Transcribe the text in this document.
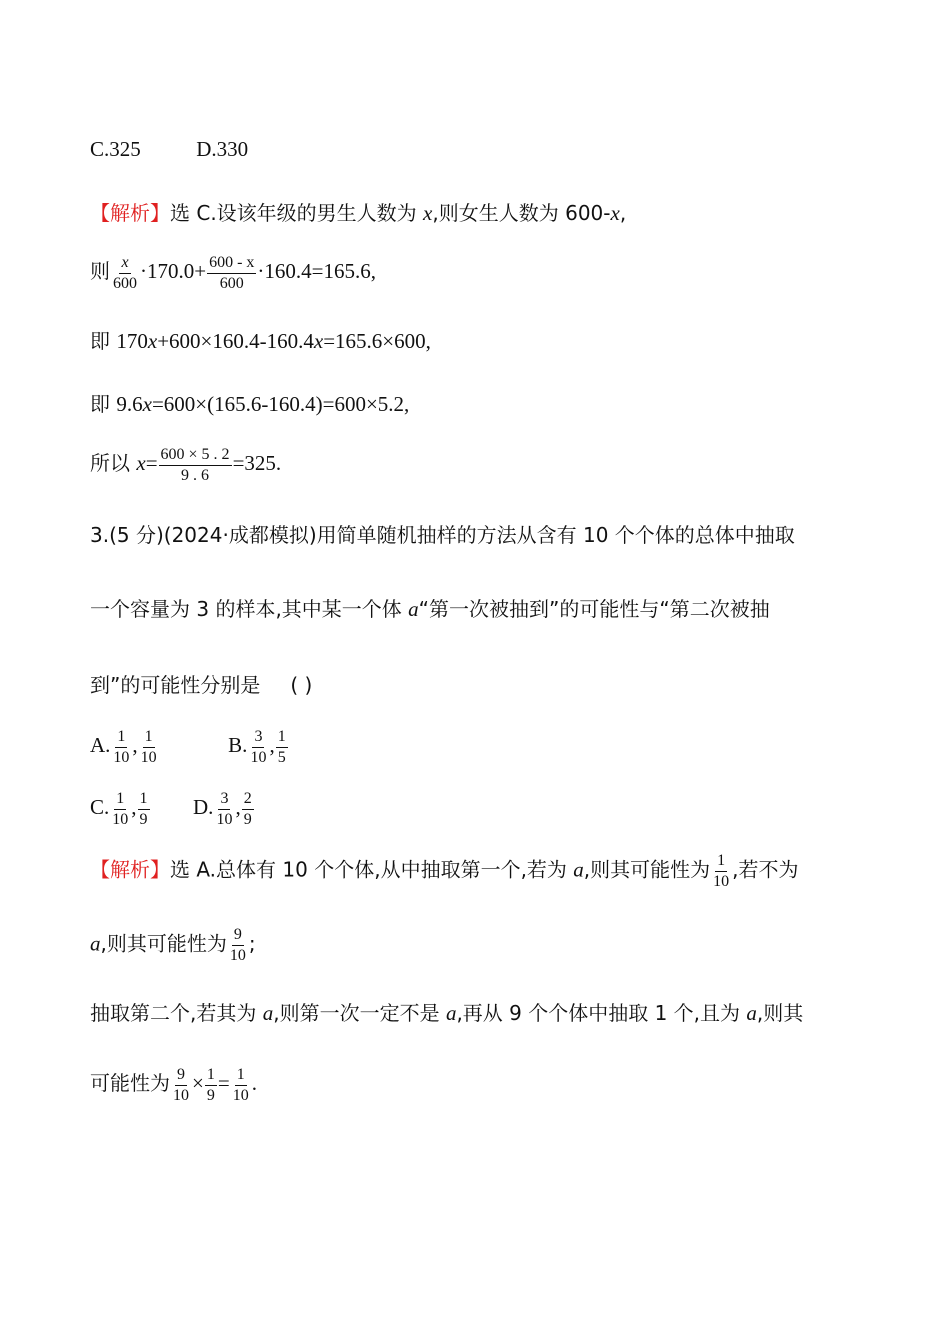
C.325	D.330
【解析】选 C.设该年级的男生人数为 x,则女生人数为 600-x,
则 $\frac{x}{600} \cdot 170.0+ \frac{600 - x}{600} \cdot 160.4=165.6$,
即 170x+600×160.4-160.4x=165.6×600,
即 9.6x=600×(165.6-160.4)=600×5.2,
所以 $x= \frac{600 \times 5 . 2}{9 . 6} =325$.
3.(5 分)(2024·成都模拟)用简单随机抽样的方法从含有 10 个个体的总体中抽取
一个容量为 3 的样本,其中某一个体 a“第一次被抽到”的可能性与“第二次被抽
到”的可能性分别是 ( )
A. $\frac{1}{10}$ , $\frac{1}{10}$	B. $\frac{3}{10}$ , $\frac{1}{5}$
C. $\frac{1}{10}$ , $\frac{1}{9} D$. $\frac{3}{10}$ , $\frac{2}{9}$
【解析】选 A.总体有 10 个个体,从中抽取第一个,若为 a,则其可能性为 $\frac{1}{10}$ ,若不为
a,则其可能性为 $\frac{9}{10}$ ;
抽取第二个,若其为 a,则第一次一定不是 a,再从 9 个个体中抽取 1 个,且为 a,则其
可能性为 $\frac{9}{10} \times \frac{1}{9} = \frac{1}{10}$ .
